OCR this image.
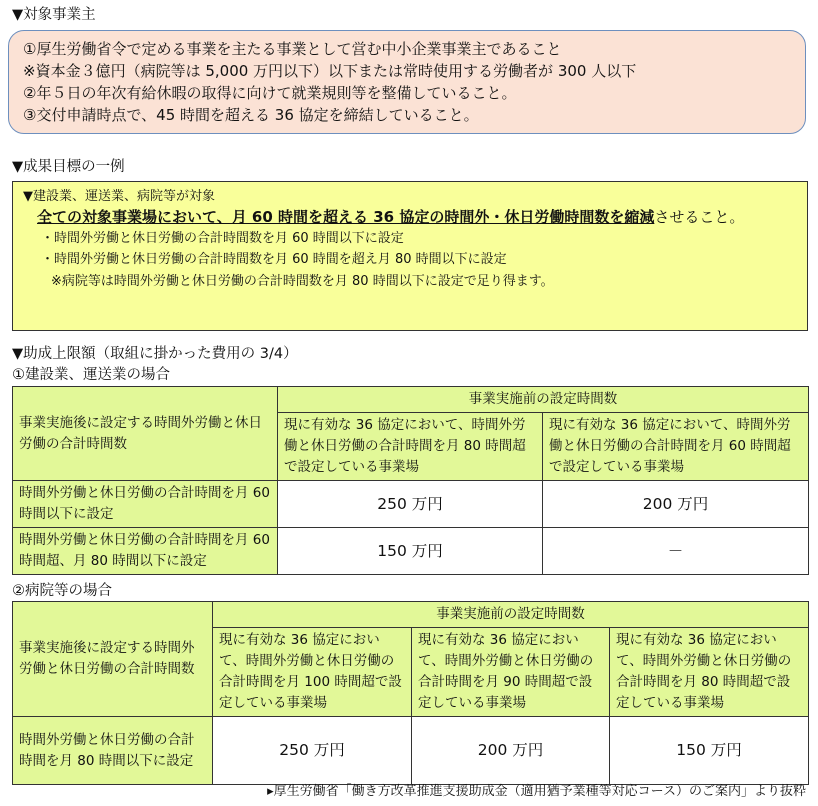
▼対象事業主
①厚生労働省令で定める事業を主たる事業として営む中小企業事業主であること
※資本金３億円（病院等は 5,000 万円以下）以下または常時使用する労働者が 300 人以下
②年５日の年次有給休暇の取得に向けて就業規則等を整備していること。
③交付申請時点で、45 時間を超える 36 協定を締結していること。
▼成果目標の一例
▼建設業、運送業、病院等が対象
全ての対象事業場において、月 60 時間を超える 36 協定の時間外・休日労働時間数を縮減させること。
・時間外労働と休日労働の合計時間数を月 60 時間以下に設定
・時間外労働と休日労働の合計時間数を月 60 時間を超え月 80 時間以下に設定
※病院等は時間外労働と休日労働の合計時間数を月 80 時間以下に設定で足り得ます。
▼助成上限額（取組に掛かった費用の 3/4）
①建設業、運送業の場合
事業実施後に設定する時間外労働と休日労働の合計時間数	事業実施前の設定時間数	
	現に有効な 36 協定において、時間外労働と休日労働の合計時間を月 80 時間超で設定している事業場	現に有効な 36 協定において、時間外労働と休日労働の合計時間を月 60 時間超で設定している事業場
時間外労働と休日労働の合計時間を月 60 時間以下に設定	250 万円	200 万円
時間外労働と休日労働の合計時間を月 60 時間超、月 80 時間以下に設定	150 万円	－
②病院等の場合
事業実施後に設定する時間外労働と休日労働の合計時間数	事業実施前の設定時間数		
	現に有効な 36 協定において、時間外労働と休日労働の合計時間を月 100 時間超で設定している事業場	現に有効な 36 協定において、時間外労働と休日労働の合計時間を月 90 時間超で設定している事業場	現に有効な 36 協定において、時間外労働と休日労働の合計時間を月 80 時間超で設定している事業場
時間外労働と休日労働の合計時間を月 80 時間以下に設定	250 万円	200 万円	150 万円
▸厚生労働省「働き方改革推進支援助成金（適用猶予業種等対応コース）のご案内」より抜粋
